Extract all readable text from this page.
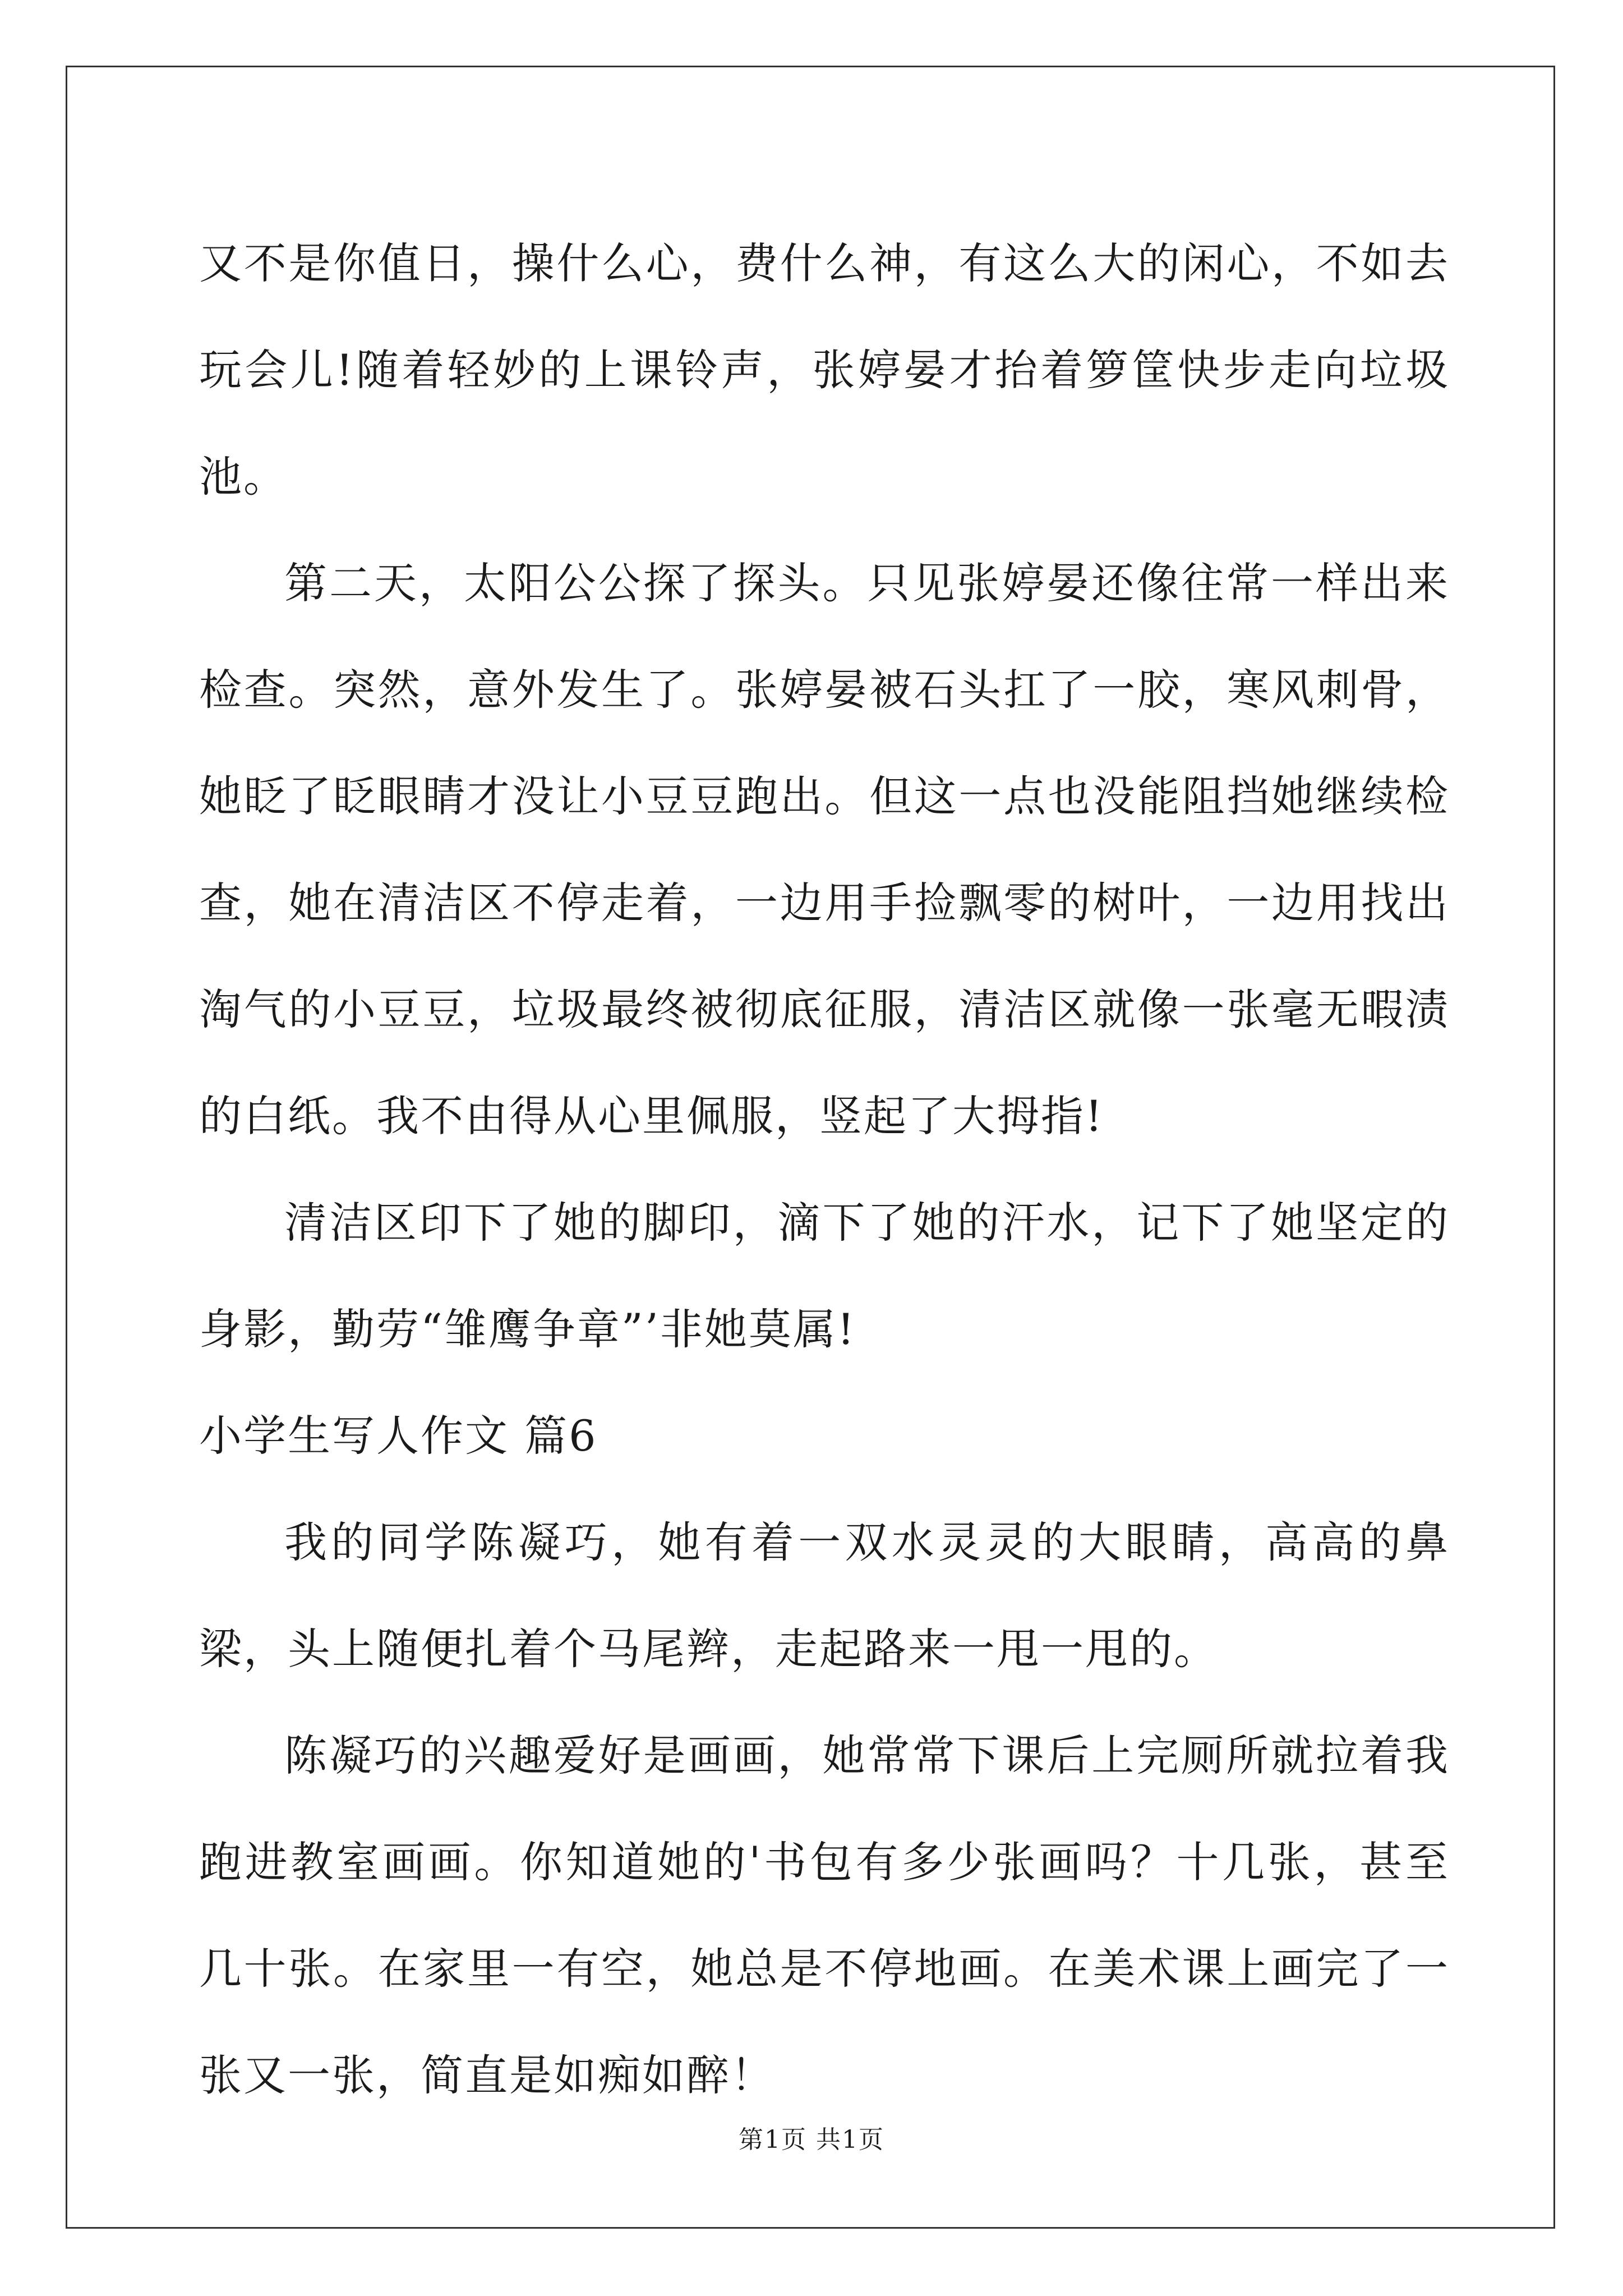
又不是你值日，操什么心，费什么神，有这么大的闲心，不如去玩会儿!随着轻妙的上课铃声，张婷晏才抬着箩筐快步走向垃圾池。

第二天，太阳公公探了探头。只见张婷晏还像往常一样出来检查。突然，意外发生了。张婷晏被石头扛了一胶，寒风刺骨，她眨了眨眼睛才没让小豆豆跑出。但这一点也没能阻挡她继续检查，她在清洁区不停走着，一边用手捡飘零的树叶，一边用找出淘气的小豆豆，垃圾最终被彻底征服，清洁区就像一张毫无暇渍的白纸。我不由得从心里佩服，竖起了大拇指!

清洁区印下了她的脚印，滴下了她的汗水，记下了她坚定的身影，勤劳“雏鹰争章”’非她莫属!

小学生写人作文 篇6

我的同学陈凝巧，她有着一双水灵灵的大眼睛，高高的鼻梁，头上随便扎着个马尾辫，走起路来一甩一甩的。

陈凝巧的兴趣爱好是画画，她常常下课后上完厕所就拉着我跑进教室画画。你知道她的'书包有多少张画吗？十几张，甚至几十张。在家里一有空，她总是不停地画。在美术课上画完了一张又一张，简直是如痴如醉！

第1页 共1页
